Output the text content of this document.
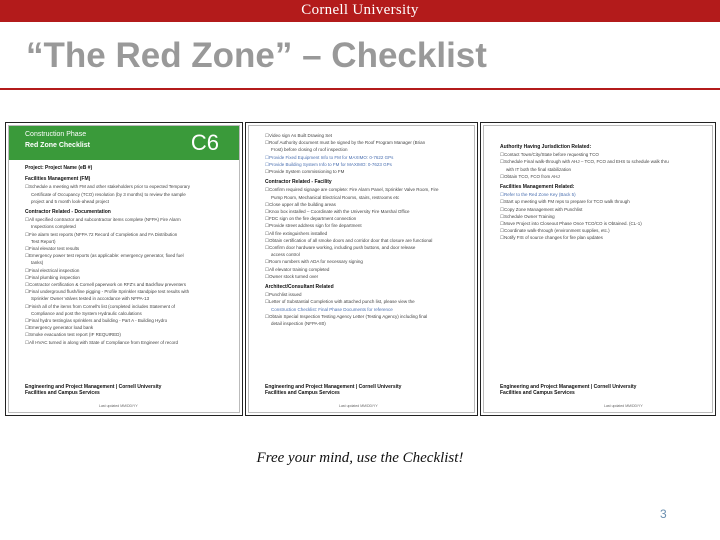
Cornell University
“The Red Zone” – Checklist
Construction Phase
Red Zone Checklist	C6
Project: Project Name (eB #)
Facilities Management (FM)
☐ Schedule a meeting with FM and other stakeholders prior to expected Temporary
Certificate of Occupancy (TCO) resolution (by 3 months) to review the sample
project and 5 month look-ahead project
Contractor Related - Documentation
☐ All specified contractor and subcontractor items complete (NFPA) Fire Alarm
Inspections completed
☐ Fire alarm test reports (NFPA 72 Record of Completion and FA Distribution
Test Report)
☐ Final elevator test results
☐ Emergency power test reports (as applicable: emergency generator, fixed fuel
tanks)
☐ Final electrical inspection
☐ Final plumbing inspection
☐ Contractor certification & Cornell paperwork on RFZ's and Backflow preventers
☐ Final underground flush/line pigging - Profile Sprinkler standpipe test results with
Sprinkler Owner Valves tested in accordance with NFPA-13
☐ Finish all of the items from Cornell's list (completed includes Statement of
Compliance and post the System Hydraulic calculations
☐ Final hydro testing/as sprinklers and building - Part A - Building Hydro
☐ Emergency generator load bank
☐ Smoke evacuation test report (IF REQUIRED)
☐ All HVAC turned in along with State of Compliance from Engineer of record
Engineering and Project Management | Cornell University
Facilities and Campus Services
Last updated MM/DD/YY
☐ Video sign As Built Drawing Set
☐ Roof Authority document must be signed by the Roof Program Manager (Brian
Frost) before closing of roof inspection
☐ Provide Fixed Equipment Info to FM for MAXIMO: 0-7622 GPs
☐ Provide Building System Info to FM for MAXIMO: 0-7623 GPs
☐ Provide System commissioning to FM
Contractor Related - Facility
☐ Confirm required signage are complete: Fire Alarm Panel, Sprinkler Valve Room, Fire
Pump Room, Mechanical Electrical Rooms, stairs, restrooms etc
☐ Close upper all the building areas
☐ Knox box installed – Coordinate with the University Fire Marshal Office
☐ FDC sign on the fire department connection
☐ Provide street address sign for fire department
☐ All fire extinguishers installed
☐ Obtain certification of all smoke doors and corridor door that closure are functional
☐ Confirm door hardware working, including push buttons, and door release
access control
☐ Room numbers with ADA for necessary signing
☐ All elevator training completed
☐ Owner stock turned over
Architect/Consultant Related
☐ Punchlist issued
☐ Letter of Substantial Completion with attached punch list, please view the
Construction Checklist: Final Phase Documents for reference
☐ Obtain Special Inspection Testing Agency Letter (Testing Agency) including final
detail inspection (NFPA-80)
Engineering and Project Management | Cornell University
Facilities and Campus Services
Last updated MM/DD/YY
Authority Having Jurisdiction Related:
☐ Contact Town/City/State before requesting TCO
☐ Schedule Final walk-through with AHJ – TCO, FCO and EHS to schedule walk thru
with IT both the final stabilization
☐ Obtain TCO, FCO from AHJ
Facilities Management Related:
☐ Refer to the Red Zone Key (Back 5)
☐ Start up meeting with FM reps to prepare for TCO walk through
☐ Copy Zone Management with Punchlist
☐ Schedule Owner Training
☐ Move Project into Closeout Phase Once TCO/CO is Obtained. (CL-1)
☐ Coordinate walk-through (environment supplies, etc.)
☐ Notify FIS of source changes for fire plan updates
Engineering and Project Management | Cornell University
Facilities and Campus Services
Last updated MM/DD/YY
Free your mind, use the Checklist!
3
